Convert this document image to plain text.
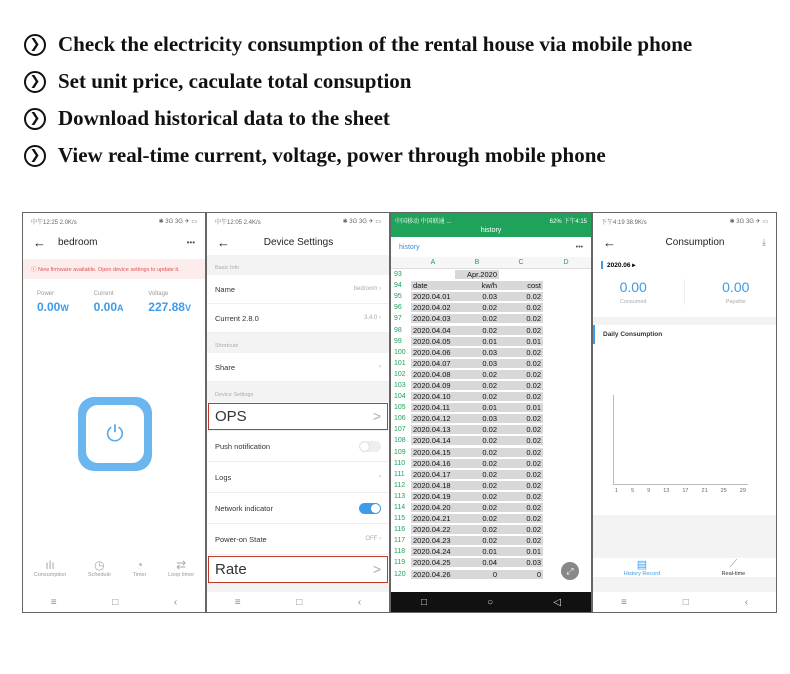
❯ Check the electricity consumption of the rental house via mobile phone
❯ Set unit price, caculate total consuption
❯ Download historical data to the sheet
❯ View real-time current, voltage, power through mobile phone
中午12:25 2.0K/s	✱ 3G 3G ✈ ▭
← bedroom	•••
ⓘ New firmware available. Open device settings to update it.
Power
0.00W
Current
0.00A
Voltage
227.88V
⏻
ılı
Consumption
◷
Schedule
◔
Timer
⇄
Loop timer
≡	□	‹
中午12:05 2.4K/s	✱ 3G 3G ✈ ▭
←	Device Settings
Basic Info
Name	bedroom ›
Current 2.8.0	3.4.0 ›
Shortcuts
Share	›
Device Settings
OPS	>
Push notification
Logs	›
Network indicator
Power-on State	OFF ›
Rate	>
≡	□	‹
中国移动 中国联通 ...	62% 下午4:15
history
history	•••
A	B	C	D
93	Apr.2020
94	date	kw/h	cost
95	2020.04.01	0.03	0.02
96	2020.04.02	0.02	0.02
97	2020.04.03	0.02	0.02
98	2020.04.04	0.02	0.02
99	2020.04.05	0.01	0.01
100 2020.04.06	0.03	0.02
101 2020.04.07	0.03	0.02
102 2020.04.08	0.02	0.02
103 2020.04.09	0.02	0.02
104 2020.04.10	0.02	0.02
105 2020.04.11	0.01	0.01
106 2020.04.12	0.03	0.02
107 2020.04.13	0.02	0.02
108 2020.04.14	0.02	0.02
109 2020.04.15	0.02	0.02
110	2020.04.16	0.02	0.02
111	2020.04.17	0.02	0.02
112	2020.04.18	0.02	0.02
113	2020.04.19	0.02	0.02
114	2020.04.20	0.02	0.02
115	2020.04.21	0.02	0.02
116	2020.04.22	0.02	0.02
117	2020.04.23	0.02	0.02
118	2020.04.24	0.01	0.01
119	2020.04.25	0.04	0.03
120 2020.04.26	0	0	⤢
□	○	◁
下午4:19 38.9K/s	✱ 3G 3G ✈ ▭
←	Consumption	⤓
2020.06 ▸
0.00
Consumed
0.00
Payable
Daily Consumption
1 5 9 13 17 21 25 29
▤
History Record
⟋
Real-time
≡	□	‹
